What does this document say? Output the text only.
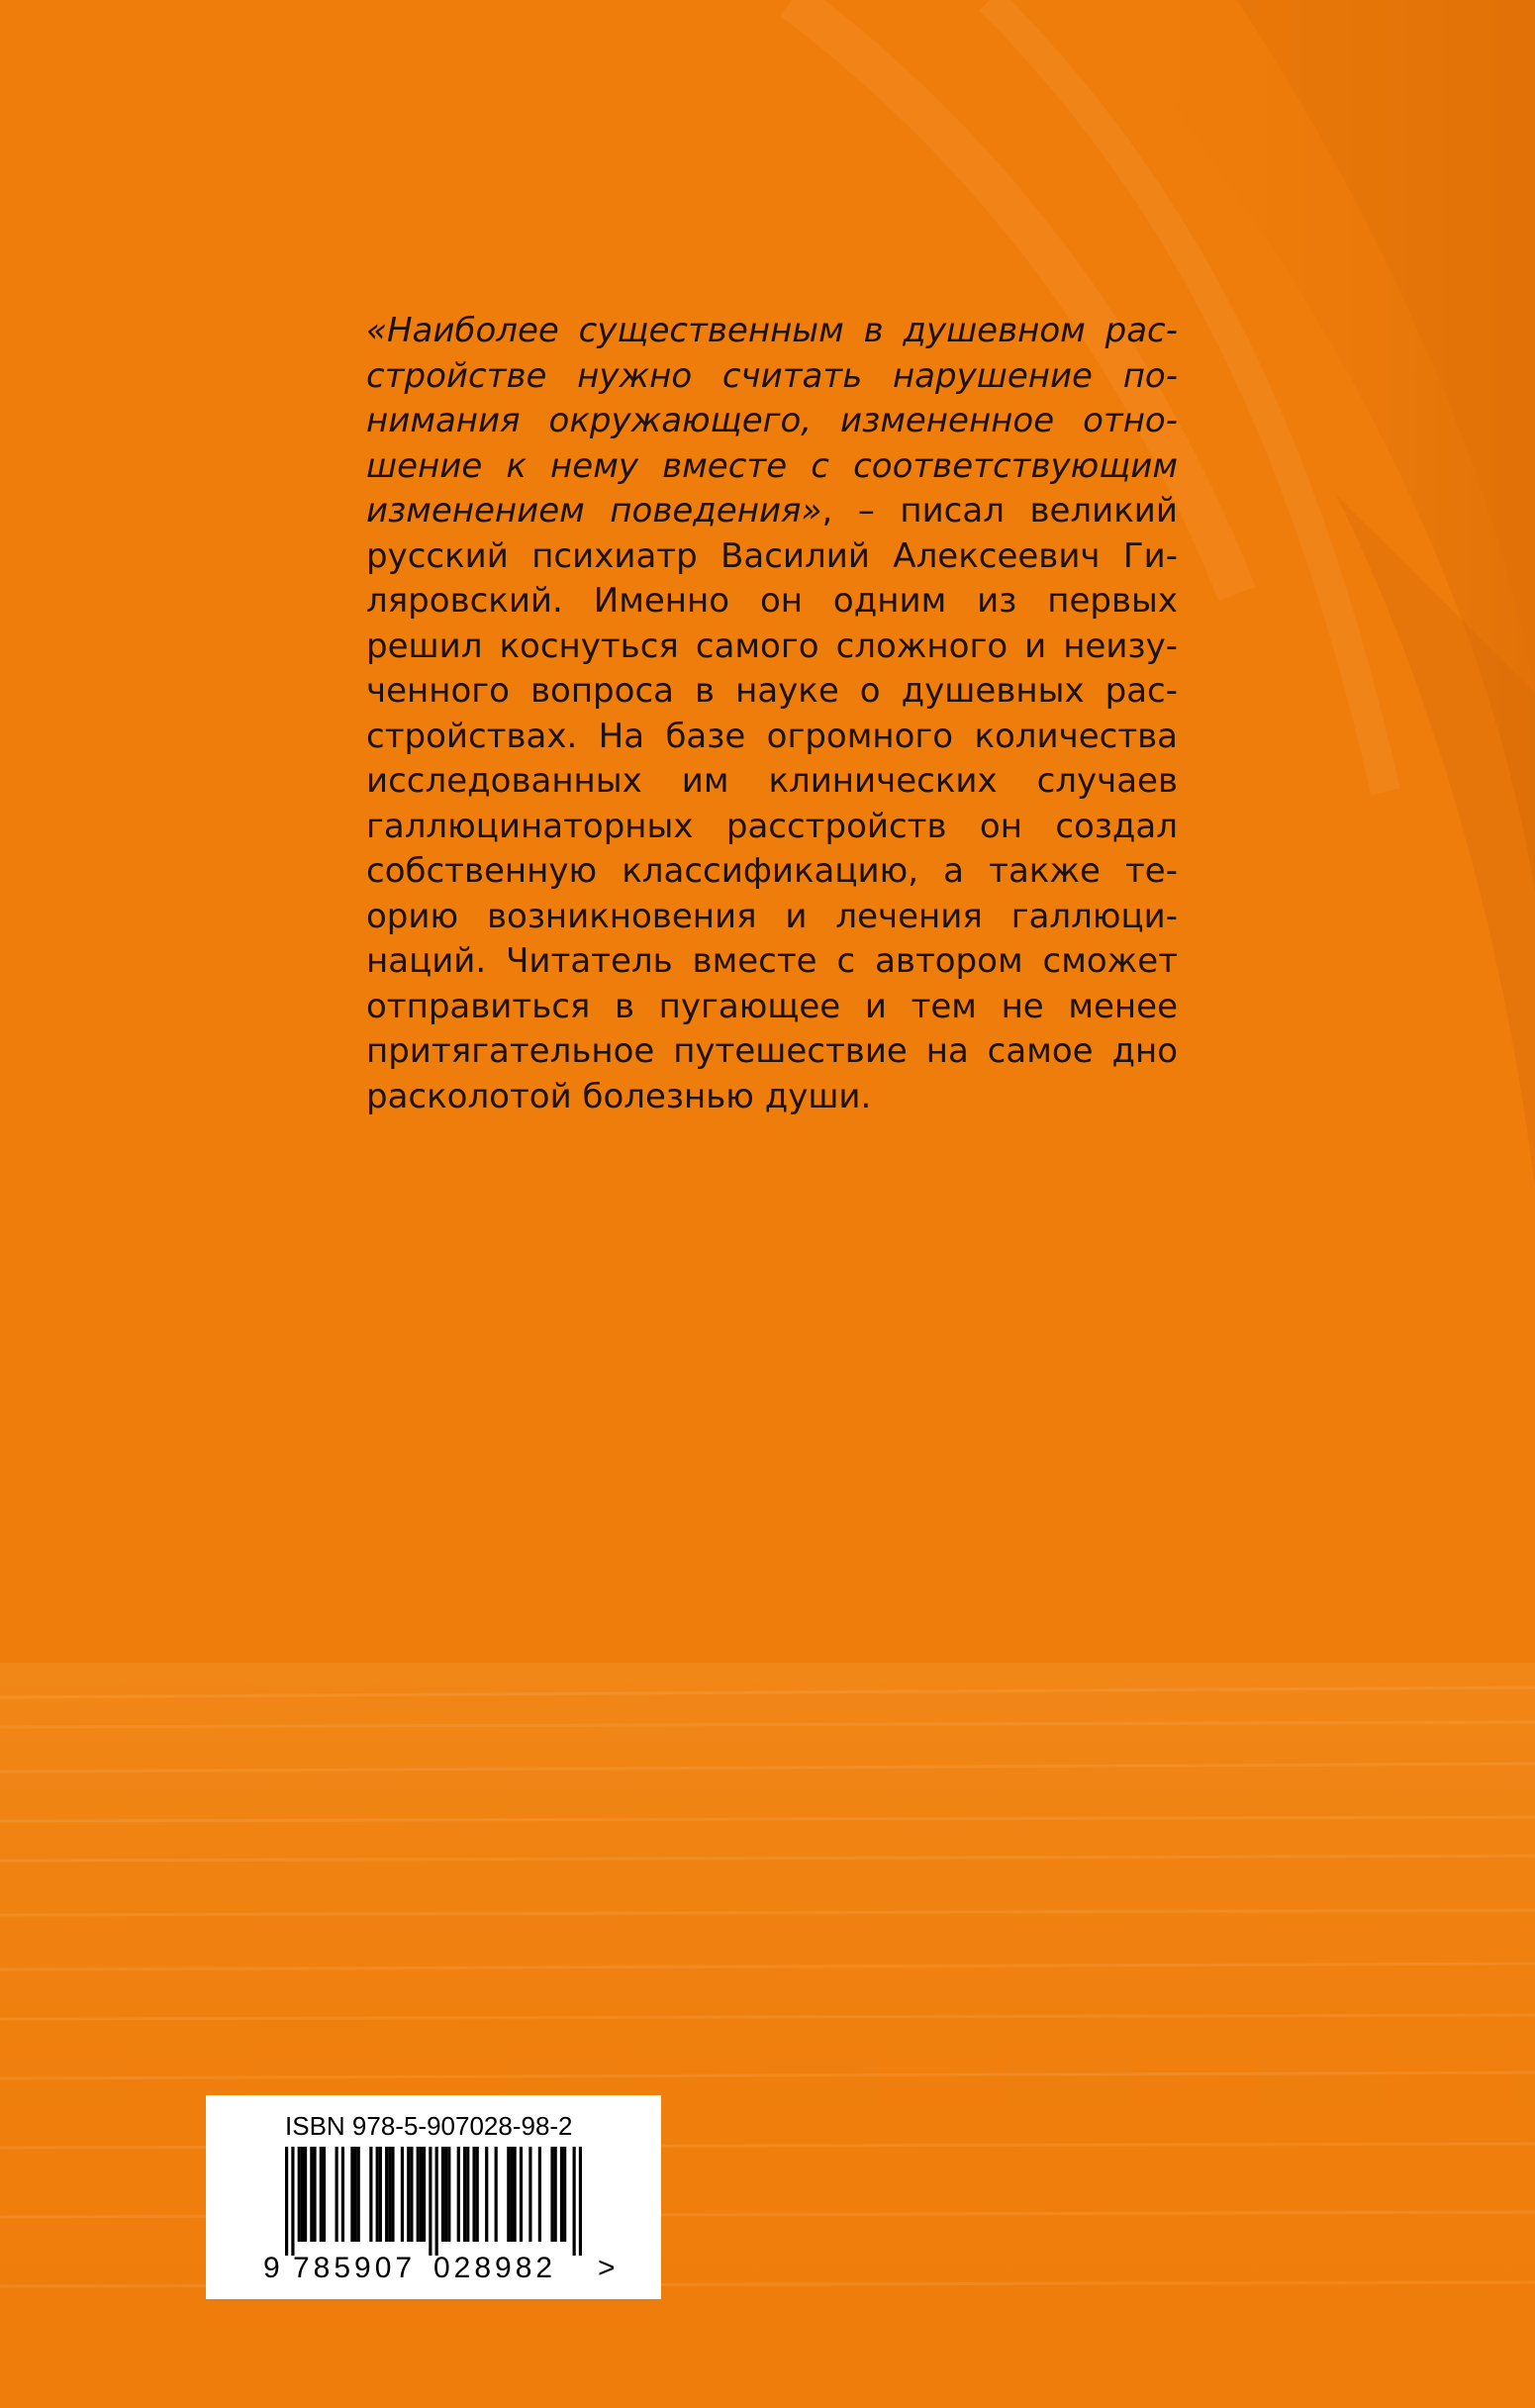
«Наиболее существенным в душевном рас-
стройстве нужно считать нарушение по-
нимания окружающего, измененное отно-
шение к нему вместе с соответствующим
изменением поведения», – писал великий
русский психиатр Василий Алексеевич Ги-
ляровский. Именно он одним из первых
решил коснуться самого сложного и неизу-
ченного вопроса в науке о душевных рас-
стройствах. На базе огромного количества
исследованных им клинических случаев
галлюцинаторных расстройств он создал
собственную классификацию, а также те-
орию возникновения и лечения галлюци-
наций. Читатель вместе с автором сможет
отправиться в пугающее и тем не менее
притягательное путешествие на самое дно
расколотой болезнью души.
ISBN 978-5-907028-98-2
9 785907 028982 >
